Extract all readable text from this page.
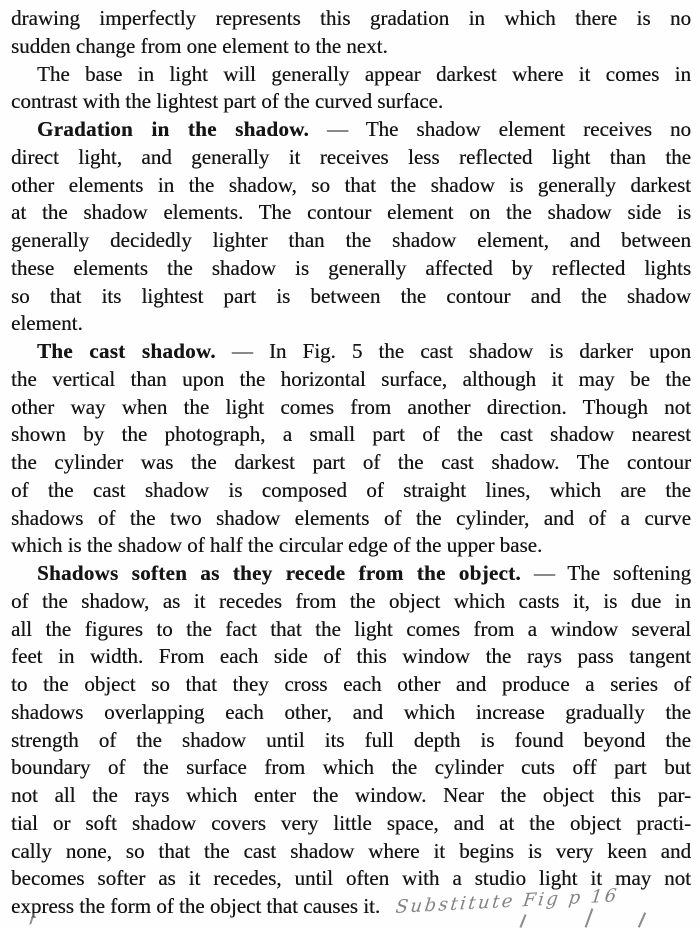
drawing imperfectly represents this gradation in which there is no
sudden change from one element to the next.
The base in light will generally appear darkest where it comes in
contrast with the lightest part of the curved surface.
Gradation in the shadow. — The shadow element receives no
direct light, and generally it receives less reflected light than the
other elements in the shadow, so that the shadow is generally darkest
at the shadow elements. The contour element on the shadow side is
generally decidedly lighter than the shadow element, and between
these elements the shadow is generally affected by reflected lights
so that its lightest part is between the contour and the shadow
element.
The cast shadow. — In Fig. 5 the cast shadow is darker upon
the vertical than upon the horizontal surface, although it may be the
other way when the light comes from another direction. Though not
shown by the photograph, a small part of the cast shadow nearest
the cylinder was the darkest part of the cast shadow. The contour
of the cast shadow is composed of straight lines, which are the
shadows of the two shadow elements of the cylinder, and of a curve
which is the shadow of half the circular edge of the upper base.
Shadows soften as they recede from the object. — The softening
of the shadow, as it recedes from the object which casts it, is due in
all the figures to the fact that the light comes from a window several
feet in width. From each side of this window the rays pass tangent
to the object so that they cross each other and produce a series of
shadows overlapping each other, and which increase gradually the
strength of the shadow until its full depth is found beyond the
boundary of the surface from which the cylinder cuts off part but
not all the rays which enter the window. Near the object this par-
tial or soft shadow covers very little space, and at the object practi-
cally none, so that the cast shadow where it begins is very keen and
becomes softer as it recedes, until often with a studio light it may not
express the form of the object that causes it. Substitute Fig p 16
